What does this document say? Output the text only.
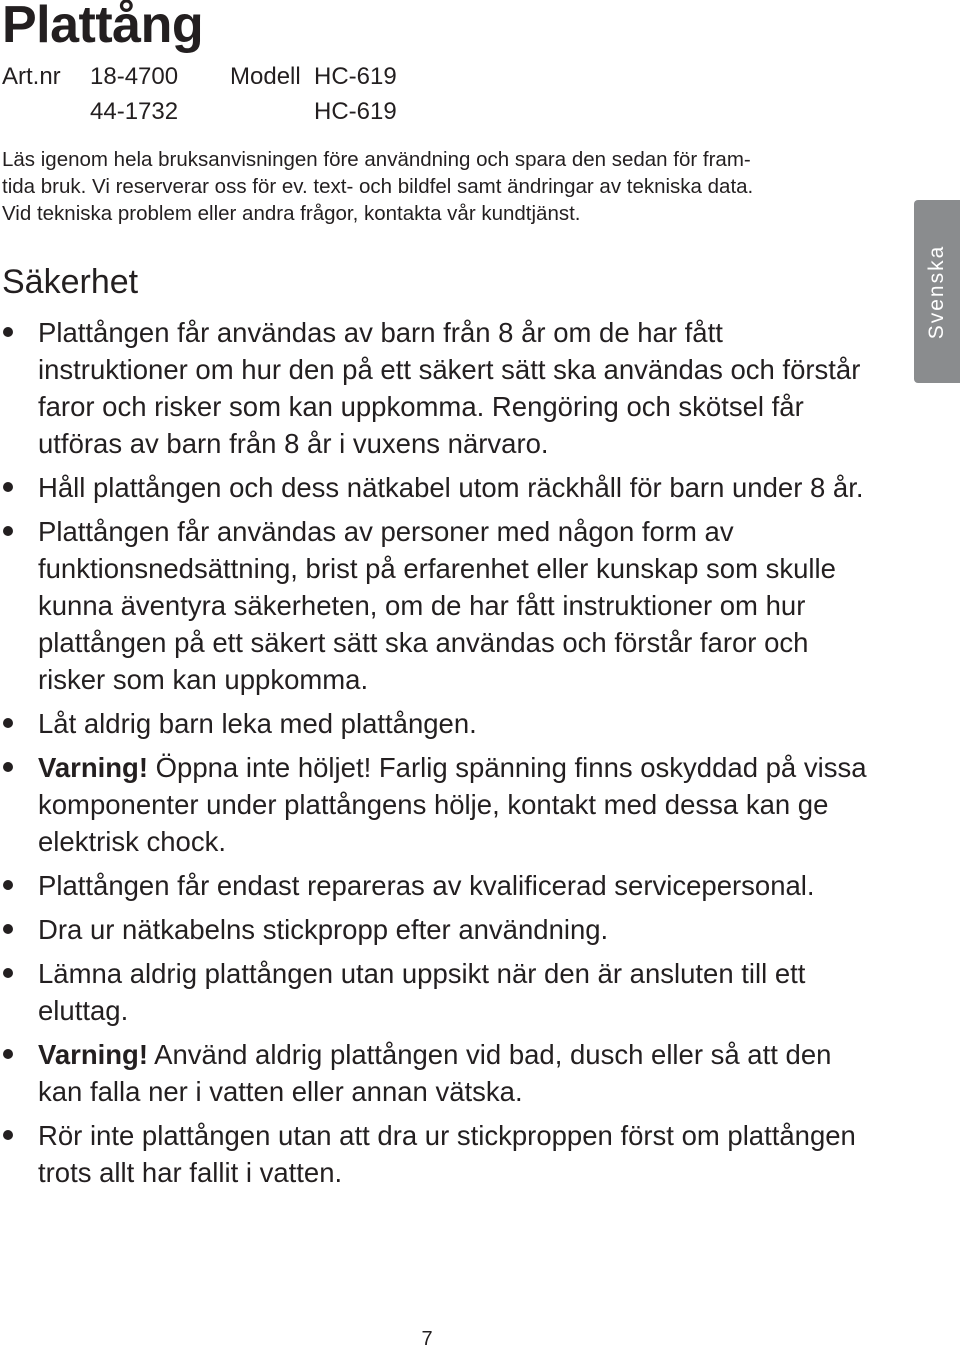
Plattång
Art.nr 18-4700 Modell HC-619
44-1732	HC-619

Läs igenom hela bruksanvisningen före användning och spara den sedan för fram-

tida bruk. Vi reserverar oss för ev. text- och bildfel samt ändringar av tekniska data.

Vid tekniska problem eller andra frågor, kontakta vår kundtjänst.

Säkerhet
Plattången får användas av barn från 8 år om de har fått instruktioner om hur den på ett säkert sätt ska användas och förstår faror och risker som kan uppkomma. Rengöring och skötsel får utföras av barn från 8 år i vuxens närvaro.
Håll plattången och dess nätkabel utom räckhåll för barn under 8 år.
Plattången får användas av personer med någon form av funktionsnedsättning, brist på erfarenhet eller kunskap som skulle kunna äventyra säkerheten, om de har fått instruktioner om hur plattången på ett säkert sätt ska användas och förstår faror och risker som kan uppkomma.
Låt aldrig barn leka med plattången.
Varning! Öppna inte höljet! Farlig spänning finns oskyddad på vissa komponenter under plattångens hölje, kontakt med dessa kan ge elektrisk chock.
Plattången får endast repareras av kvalificerad servicepersonal.
Dra ur nätkabelns stickpropp efter användning.
Lämna aldrig plattången utan uppsikt när den är ansluten till ett eluttag.
Varning! Använd aldrig plattången vid bad, dusch eller så att den kan falla ner i vatten eller annan vätska.
Rör inte plattången utan att dra ur stickproppen först om plattången trots allt har fallit i vatten.
Svenska
7
